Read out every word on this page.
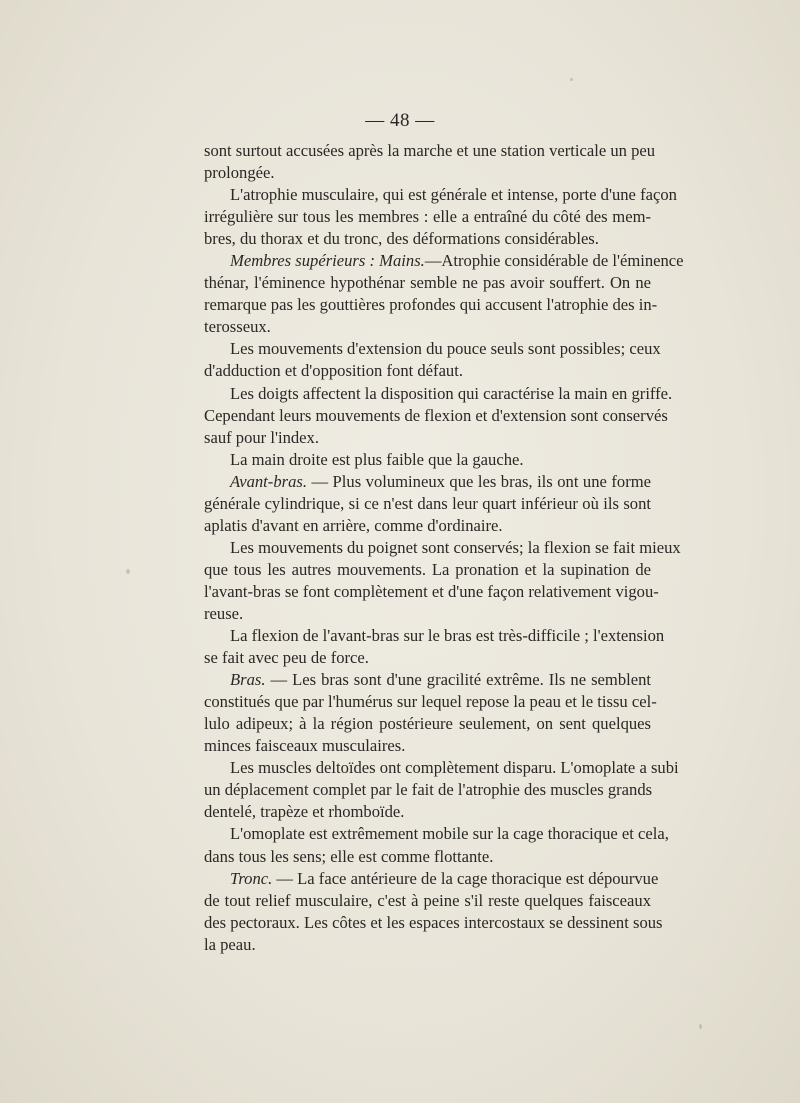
— 48 —
sont surtout accusées après la marche et une station verticale un peu
prolongée.
L'atrophie musculaire, qui est générale et intense, porte d'une façon
irrégulière sur tous les membres : elle a entraîné du côté des mem-
bres, du thorax et du tronc, des déformations considérables.
Membres supérieurs : Mains.—Atrophie considérable de l'éminence
thénar, l'éminence hypothénar semble ne pas avoir souffert. On ne
remarque pas les gouttières profondes qui accusent l'atrophie des in-
terosseux.
Les mouvements d'extension du pouce seuls sont possibles; ceux
d'adduction et d'opposition font défaut.
Les doigts affectent la disposition qui caractérise la main en griffe.
Cependant leurs mouvements de flexion et d'extension sont conservés
sauf pour l'index.
La main droite est plus faible que la gauche.
Avant-bras. — Plus volumineux que les bras, ils ont une forme
générale cylindrique, si ce n'est dans leur quart inférieur où ils sont
aplatis d'avant en arrière, comme d'ordinaire.
Les mouvements du poignet sont conservés; la flexion se fait mieux
que tous les autres mouvements. La pronation et la supination de
l'avant-bras se font complètement et d'une façon relativement vigou-
reuse.
La flexion de l'avant-bras sur le bras est très-difficile ; l'extension
se fait avec peu de force.
Bras. — Les bras sont d'une gracilité extrême. Ils ne semblent
constitués que par l'humérus sur lequel repose la peau et le tissu cel-
lulo adipeux; à la région postérieure seulement, on sent quelques
minces faisceaux musculaires.
Les muscles deltoïdes ont complètement disparu. L'omoplate a subi
un déplacement complet par le fait de l'atrophie des muscles grands
dentelé, trapèze et rhomboïde.
L'omoplate est extrêmement mobile sur la cage thoracique et cela,
dans tous les sens; elle est comme flottante.
Tronc. — La face antérieure de la cage thoracique est dépourvue
de tout relief musculaire, c'est à peine s'il reste quelques faisceaux
des pectoraux. Les côtes et les espaces intercostaux se dessinent sous
la peau.
